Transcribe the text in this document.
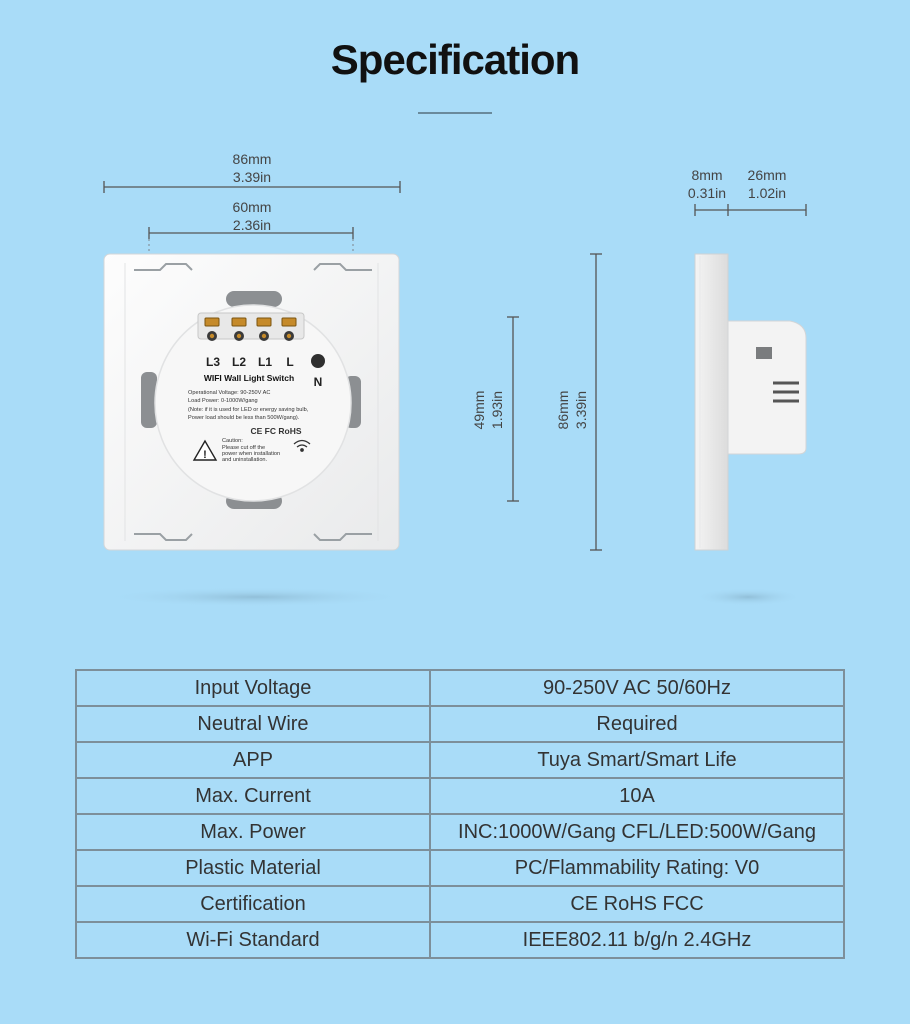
Specification
86mm
3.39in
60mm
2.36in
49mm 1.93in	86mm 3.39in
8mm
0.31in
26mm
1.02in
L3 L2 L1 L
N
WIFI Wall Light Switch
Operational Voltage: 90-250V AC
Load Power: 0-1000W/gang
(Note: if it is used for LED or energy saving bulb,
Power load should be less than 500W/gang).
CE FC RoHS
!
Caution:
Please cut off the
power when installation
and uninstallation.
Input Voltage	90-250V AC 50/60Hz
Neutral Wire	Required
APP	Tuya Smart/Smart Life
Max. Current	10A
Max. Power	INC:1000W/Gang CFL/LED:500W/Gang
Plastic Material	PC/Flammability Rating: V0
Certification	CE RoHS FCC
Wi-Fi Standard	IEEE802.11 b/g/n 2.4GHz
